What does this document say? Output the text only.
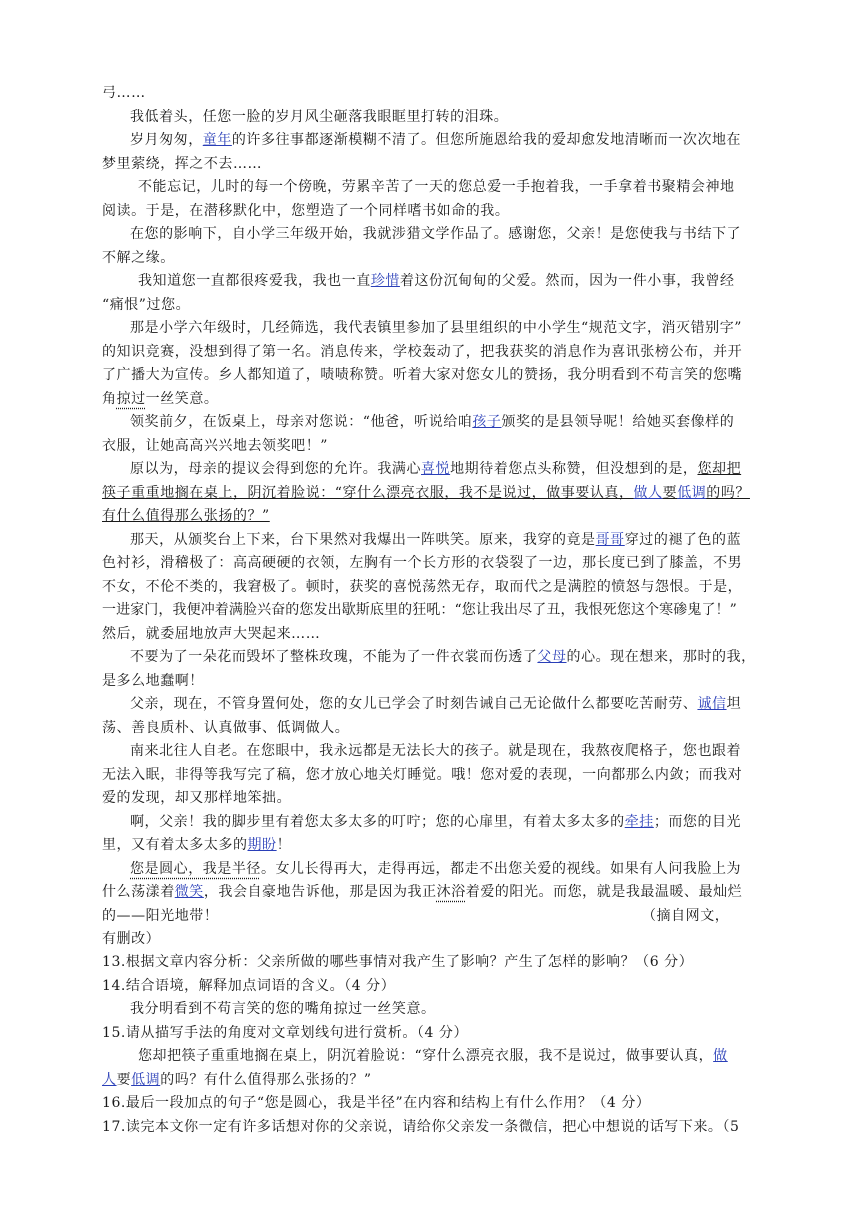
弓……
我低着头，任您一脸的岁月风尘砸落我眼眶里打转的泪珠。
岁月匆匆，童年的许多往事都逐渐模糊不清了。但您所施恩给我的爱却愈发地清晰而一次次地在
梦里萦绕，挥之不去……
不能忘记，儿时的每一个傍晚，劳累辛苦了一天的您总爱一手抱着我，一手拿着书聚精会神地
阅读。于是，在潜移默化中，您塑造了一个同样嗜书如命的我。
在您的影响下，自小学三年级开始，我就涉猎文学作品了。感谢您，父亲！是您使我与书结下了
不解之缘。
我知道您一直都很疼爱我，我也一直珍惜着这份沉甸甸的父爱。然而，因为一件小事，我曾经
“痛恨”过您。
那是小学六年级时，几经筛选，我代表镇里参加了县里组织的中小学生“规范文字，消灭错别字”
的知识竞赛，没想到得了第一名。消息传来，学校轰动了，把我获奖的消息作为喜讯张榜公布，并开
了广播大为宣传。乡人都知道了，啧啧称赞。听着大家对您女儿的赞扬，我分明看到不苟言笑的您嘴
角掠过一丝笑意。
领奖前夕，在饭桌上，母亲对您说：“他爸，听说给咱孩子颁奖的是县领导呢！给她买套像样的
衣服，让她高高兴兴地去领奖吧！”
原以为，母亲的提议会得到您的允许。我满心喜悦地期待着您点头称赞，但没想到的是，您却把
筷子重重地搁在桌上，阴沉着脸说：“穿什么漂亮衣服，我不是说过，做事要认真，做人要低调的吗？
有什么值得那么张扬的？”
那天，从颁奖台上下来，台下果然对我爆出一阵哄笑。原来，我穿的竟是哥哥穿过的褪了色的蓝
色衬衫，滑稽极了：高高硬硬的衣领，左胸有一个长方形的衣袋裂了一边，那长度已到了膝盖，不男
不女，不伦不类的，我窘极了。顿时，获奖的喜悦荡然无存，取而代之是满腔的愤怒与怨恨。于是，
一进家门，我便冲着满脸兴奋的您发出歇斯底里的狂吼：“您让我出尽了丑，我恨死您这个寒碜鬼了！”
然后，就委屈地放声大哭起来……
不要为了一朵花而毁坏了整株玫瑰，不能为了一件衣裳而伤透了父母的心。现在想来，那时的我，
是多么地蠢啊！
父亲，现在，不管身置何处，您的女儿已学会了时刻告诫自己无论做什么都要吃苦耐劳、诚信坦
荡、善良质朴、认真做事、低调做人。
南来北往人自老。在您眼中，我永远都是无法长大的孩子。就是现在，我熬夜爬格子，您也跟着
无法入眠，非得等我写完了稿，您才放心地关灯睡觉。哦！您对爱的表现，一向都那么内敛；而我对
爱的发现，却又那样地笨拙。
啊，父亲！我的脚步里有着您太多太多的叮咛；您的心扉里，有着太多太多的牵挂；而您的目光
里，又有着太多太多的期盼！
您是圆心，我是半径。女儿长得再大，走得再远，都走不出您关爱的视线。如果有人问我脸上为
什么荡漾着微笑，我会自豪地告诉他，那是因为我正沐浴着爱的阳光。而您，就是我最温暖、最灿烂
的——阳光地带！	（摘自网文，
有删改）
13.根据文章内容分析：父亲所做的哪些事情对我产生了影响？产生了怎样的影响？（6 分）
14.结合语境，解释加点词语的含义。（4 分）
我分明看到不苟言笑的您的嘴角掠过一丝笑意。
15.请从描写手法的角度对文章划线句进行赏析。（4 分）
您却把筷子重重地搁在桌上，阴沉着脸说：“穿什么漂亮衣服，我不是说过，做事要认真，做
人要低调的吗？有什么值得那么张扬的？”
16.最后一段加点的句子“您是圆心，我是半径”在内容和结构上有什么作用？（4 分）
17.读完本文你一定有许多话想对你的父亲说，请给你父亲发一条微信，把心中想说的话写下来。（5
